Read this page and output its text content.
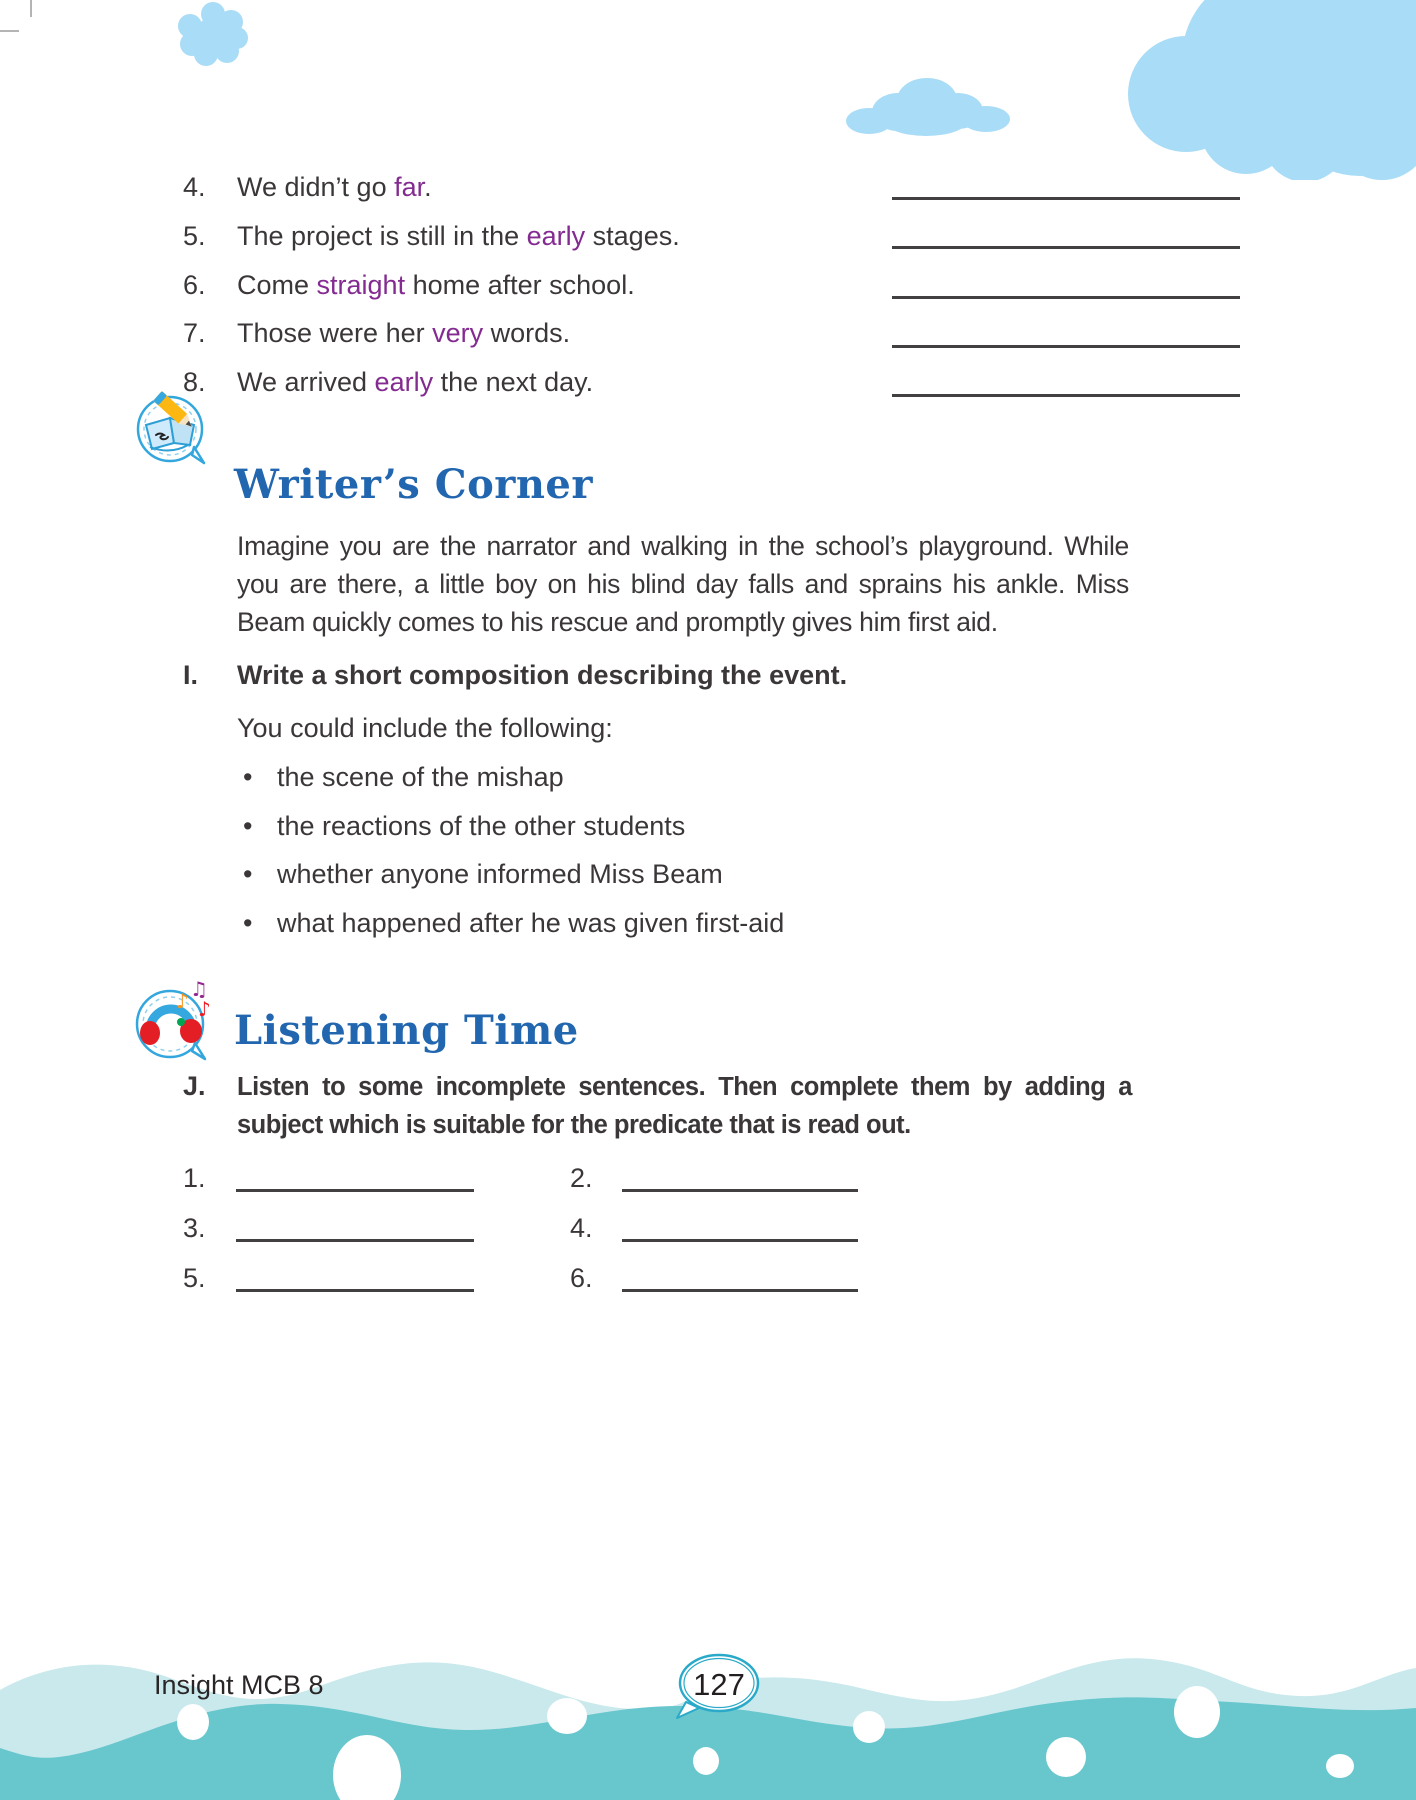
4. We didn’t go far.
5. The project is still in the early stages.
6. Come straight home after school.
7. Those were her very words.
8. We arrived early the next day.
Writer’s Corner
Imagine you are the narrator and walking in the school’s playground. While you are there, a little boy on his blind day falls and sprains his ankle. Miss Beam quickly comes to his rescue and promptly gives him first aid.
I. Write a short composition describing the event.
You could include the following:
•the scene of the mishap
•the reactions of the other students
•whether anyone informed Miss Beam
•what happened after he was given first-aid
♪ ♫
♪ Listening Time
J. Listen to some incomplete sentences. Then complete them by adding a subject which is suitable for the predicate that is read out.
1.	2.
3.	4.
5.	6.
Insight MCB 8	127
